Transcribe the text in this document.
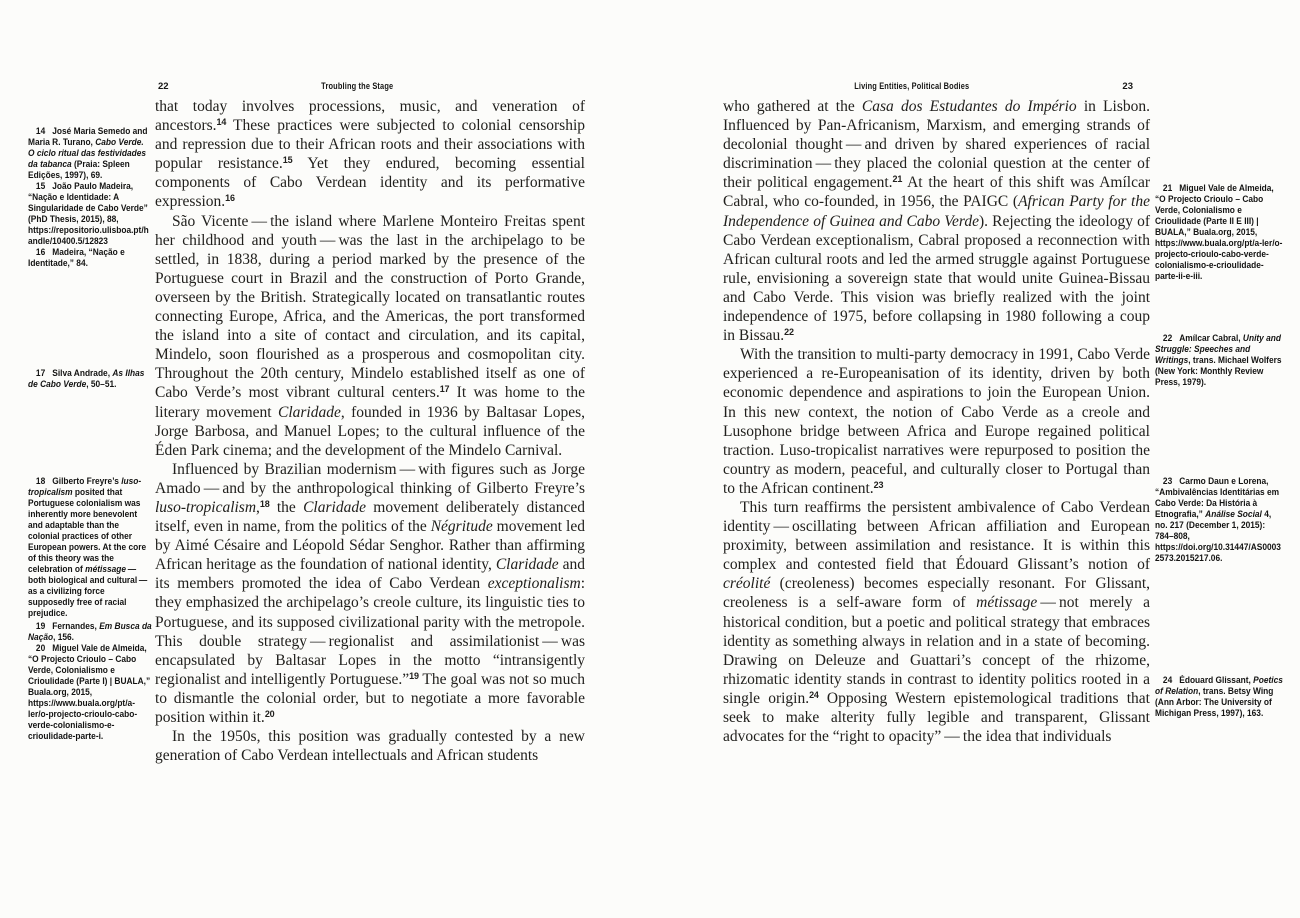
22	Troubling the Stage	Living Entities, Political Bodies	23

that today involves processions, music, and veneration of ancestors.$^{14}$ These practices were subjected to colonial censorship and repression due to their African roots and their associations with popular resistance.$^{15}$ Yet they endured, becoming essential components of Cabo Verdean identity and its performative expression.$^{16}$

São Vicente — the island where Marlene Monteiro Freitas spent her childhood and youth — was the last in the archipelago to be settled, in 1838, during a period marked by the presence of the Portuguese court in Brazil and the construction of Porto Grande, overseen by the British. Strategically located on transatlantic routes connecting Europe, Africa, and the Americas, the port transformed the island into a site of contact and circulation, and its capital, Mindelo, soon flourished as a prosperous and cosmopolitan city. Throughout the 20th century, Mindelo established itself as one of Cabo Verde’s most vibrant cultural centers.$^{17}$ It was home to the literary movement Claridade, founded in 1936 by Baltasar Lopes, Jorge Barbosa, and Manuel Lopes; to the cultural influence of the Éden Park cinema; and the development of the Mindelo Carnival.

Influenced by Brazilian modernism — with figures such as Jorge Amado — and by the anthropological thinking of Gilberto Freyre’s luso-tropicalism,$^{18}$ the Claridade movement deliberately distanced itself, even in name, from the politics of the Négritude movement led by Aimé Césaire and Léopold Sédar Senghor. Rather than affirming African heritage as the foundation of national identity, Claridade and its members promoted the idea of Cabo Verdean exceptionalism: they emphasized the archipelago’s creole culture, its linguistic ties to Portuguese, and its supposed civilizational parity with the metropole. This double strategy — regionalist and assimilationist — was encapsulated by Baltasar Lopes in the motto “intransigently regionalist and intelligently Portuguese.”$^{19}$ The goal was not so much to dismantle the colonial order, but to negotiate a more favorable position within it.$^{20}$

In the 1950s, this position was gradually contested by a new generation of Cabo Verdean intellectuals and African students

who gathered at the Casa dos Estudantes do Império in Lisbon. Influenced by Pan-Africanism, Marxism, and emerging strands of decolonial thought — and driven by shared experiences of racial discrimination — they placed the colonial question at the center of their political engagement.$^{21}$ At the heart of this shift was Amílcar Cabral, who co-founded, in 1956, the PAIGC (African Party for the Independence of Guinea and Cabo Verde). Rejecting the ideology of Cabo Verdean exceptionalism, Cabral proposed a reconnection with African cultural roots and led the armed struggle against Portuguese rule, envisioning a sovereign state that would unite Guinea-Bissau and Cabo Verde. This vision was briefly realized with the joint independence of 1975, before collapsing in 1980 following a coup in Bissau.$^{22}$

With the transition to multi-party democracy in 1991, Cabo Verde experienced a re-Europeanisation of its identity, driven by both economic dependence and aspirations to join the European Union. In this new context, the notion of Cabo Verde as a creole and Lusophone bridge between Africa and Europe regained political traction. Luso-tropicalist narratives were repurposed to position the country as modern, peaceful, and culturally closer to Portugal than to the African continent.$^{23}$

This turn reaffirms the persistent ambivalence of Cabo Verdean identity — oscillating between African affiliation and European proximity, between assimilation and resistance. It is within this complex and contested field that Édouard Glissant’s notion of créolité (creoleness) becomes especially resonant. For Glissant, creoleness is a self-aware form of métissage — not merely a historical condition, but a poetic and political strategy that embraces identity as something always in relation and in a state of becoming. Drawing on Deleuze and Guattari’s concept of the rhizome, rhizomatic identity stands in contrast to identity politics rooted in a single origin.$^{24}$ Opposing Western epistemological traditions that seek to make alterity fully legible and transparent, Glissant advocates for the “right to opacity” — the idea that individuals

14 José Maria Semedo and Maria R. Turano, Cabo Verde. O ciclo ritual das festividades da tabanca (Praia: Spleen Edições, 1997), 69.

15 João Paulo Madeira, “Nação e Identidade: A Singularidade de Cabo Verde” (PhD Thesis, 2015), 88, https://repositorio.ulisboa.pt/handle/10400.5/12823

16 Madeira, “Nação e Identitade,” 84.

17 Silva Andrade, As Ilhas de Cabo Verde, 50–51.

18 Gilberto Freyre’s luso-tropicalism posited that Portuguese colonialism was inherently more benevolent and adaptable than the colonial practices of other European powers. At the core of this theory was the celebration of métissage — both biological and cultural — as a civilizing force supposedly free of racial prejudice.

19 Fernandes, Em Busca da Nação, 156.

20 Miguel Vale de Almeida, “O Projecto Crioulo – Cabo Verde, Colonialismo e Crioulidade (Parte I) | BUALA,” Buala.org, 2015, https://www.buala.org/pt/a-ler/o-projecto-crioulo-cabo-verde-colonialismo-e-crioulidade-parte-i.

21 Miguel Vale de Almeida, “O Projecto Crioulo – Cabo Verde, Colonialismo e Crioulidade (Parte II E III) | BUALA,” Buala.org, 2015, https://www.buala.org/pt/a-ler/o-projecto-crioulo-cabo-verde-colonialismo-e-crioulidade-parte-ii-e-iii.

22 Amílcar Cabral, Unity and Struggle: Speeches and Writings, trans. Michael Wolfers (New York: Monthly Review Press, 1979).

23 Carmo Daun e Lorena, “Ambivalências Identitárias em Cabo Verde: Da História à Etnografia,” Análise Social 4, no. 217 (December 1, 2015): 784–808, https://doi.org/10.31447/AS00032573.2015217.06.

24 Édouard Glissant, Poetics of Relation, trans. Betsy Wing (Ann Arbor: The University of Michigan Press, 1997), 163.
